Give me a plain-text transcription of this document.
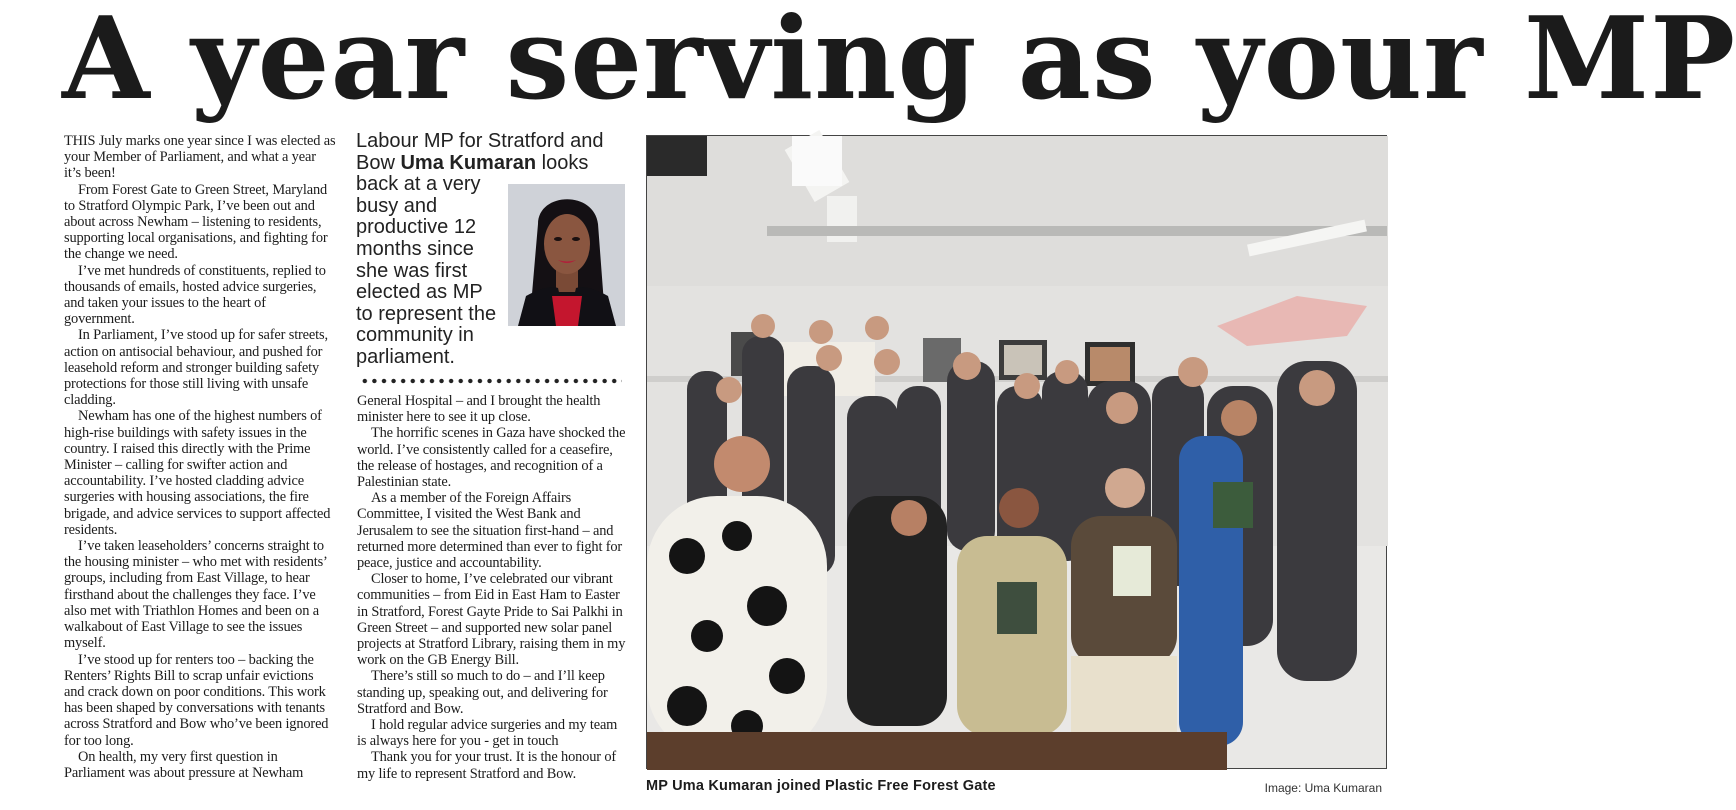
A year serving as your MP

THIS July marks one year since I was elected as your Member of Parliament, and what a year it’s been!

From Forest Gate to Green Street, Maryland to Stratford Olympic Park, I’ve been out and about across Newham – listening to residents, supporting local organisations, and fighting for the change we need.

I’ve met hundreds of constituents, replied to thousands of emails, hosted advice surgeries, and taken your issues to the heart of government.

In Parliament, I’ve stood up for safer streets, action on antisocial behaviour, and pushed for leasehold reform and stronger building safety protections for those still living with unsafe cladding.

Newham has one of the highest numbers of high-rise buildings with safety issues in the country. I raised this directly with the Prime Minister – calling for swifter action and accountability. I’ve hosted cladding advice surgeries with housing associations, the fire brigade, and advice services to support affected residents.

I’ve taken leaseholders’ concerns straight to the housing minister – who met with residents’ groups, including from East Village, to hear firsthand about the challenges they face. I’ve also met with Triathlon Homes and been on a walkabout of East Village to see the issues myself.

I’ve stood up for renters too – backing the Renters’ Rights Bill to scrap unfair evictions and crack down on poor conditions. This work has been shaped by conversations with tenants across Stratford and Bow who’ve been ignored for too long.

On health, my very first question in Parliament was about pressure at Newham

Labour MP for Stratford and
Bow Uma Kumaran looks
back at a very busy and productive 12 months since she was first elected as MP to represent the community in parliament.

General Hospital – and I brought the health minister here to see it up close.

The horrific scenes in Gaza have shocked the world. I’ve consistently called for a ceasefire, the release of hostages, and recognition of a Palestinian state.

As a member of the Foreign Affairs Committee, I visited the West Bank and Jerusalem to see the situation first-hand – and returned more determined than ever to fight for peace, justice and accountability.

Closer to home, I’ve celebrated our vibrant communities – from Eid in East Ham to Easter in Stratford, Forest Gayte Pride to Sai Palkhi in Green Street – and supported new solar panel projects at Stratford Library, raising them in my work on the GB Energy Bill.

There’s still so much to do – and I’ll keep standing up, speaking out, and delivering for Stratford and Bow.

I hold regular advice surgeries and my team is always here for you - get in touch

Thank you for your trust. It is the honour of my life to represent Stratford and Bow.

MP Uma Kumaran joined Plastic Free Forest Gate	Image: Uma Kumaran
